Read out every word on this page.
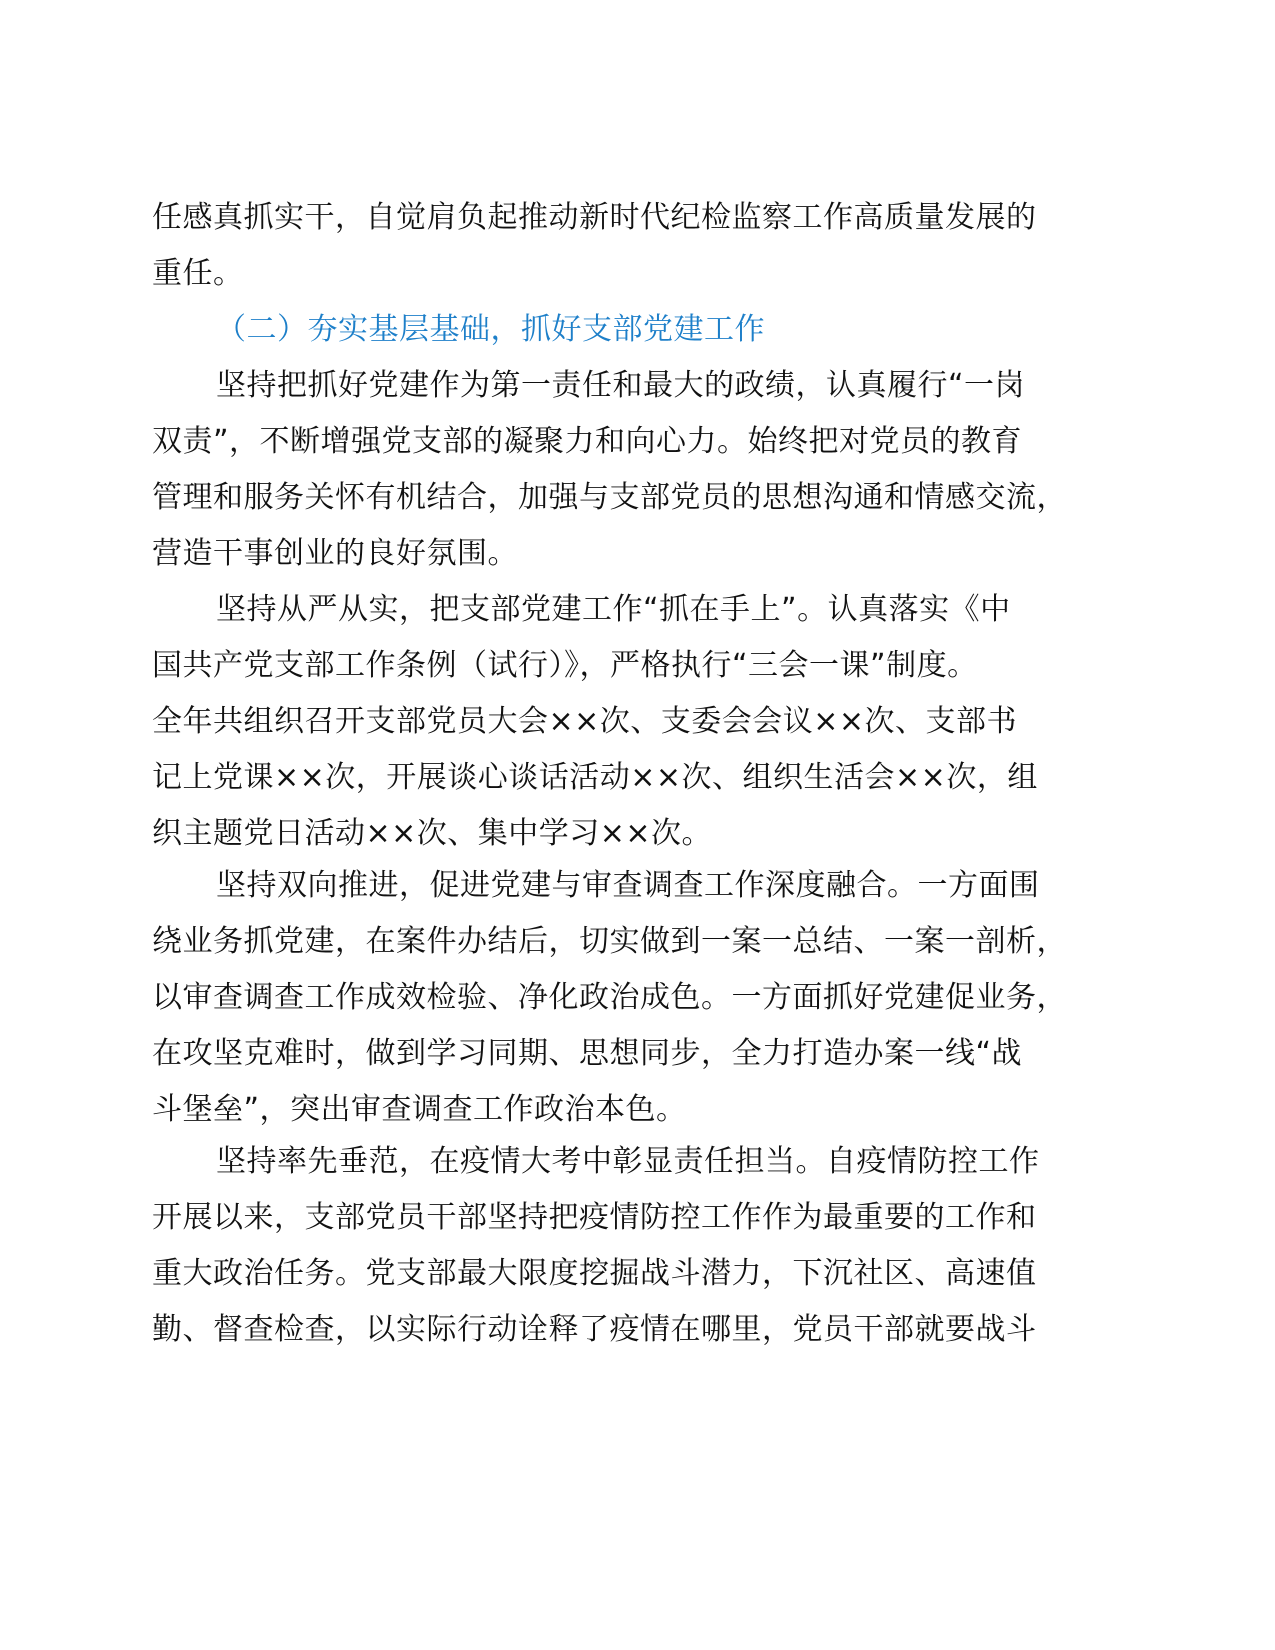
任感真抓实干，自觉肩负起推动新时代纪检监察工作高质量发展的
重任。
（二）夯实基层基础，抓好支部党建工作
坚持把抓好党建作为第一责任和最大的政绩，认真履行“一岗
双责”，不断增强党支部的凝聚力和向心力。始终把对党员的教育
管理和服务关怀有机结合，加强与支部党员的思想沟通和情感交流，
营造干事创业的良好氛围。
坚持从严从实，把支部党建工作“抓在手上”。认真落实《中
国共产党支部工作条例（试行）》，严格执行“三会一课”制度。
全年共组织召开支部党员大会××次、支委会会议××次、支部书
记上党课××次，开展谈心谈话活动××次、组织生活会××次，组
织主题党日活动××次、集中学习××次。
坚持双向推进，促进党建与审查调查工作深度融合。一方面围
绕业务抓党建，在案件办结后，切实做到一案一总结、一案一剖析，
以审查调查工作成效检验、净化政治成色。一方面抓好党建促业务，
在攻坚克难时，做到学习同期、思想同步，全力打造办案一线“战
斗堡垒”，突出审查调查工作政治本色。
坚持率先垂范，在疫情大考中彰显责任担当。自疫情防控工作
开展以来，支部党员干部坚持把疫情防控工作作为最重要的工作和
重大政治任务。党支部最大限度挖掘战斗潜力，下沉社区、高速值
勤、督查检查，以实际行动诠释了疫情在哪里，党员干部就要战斗
